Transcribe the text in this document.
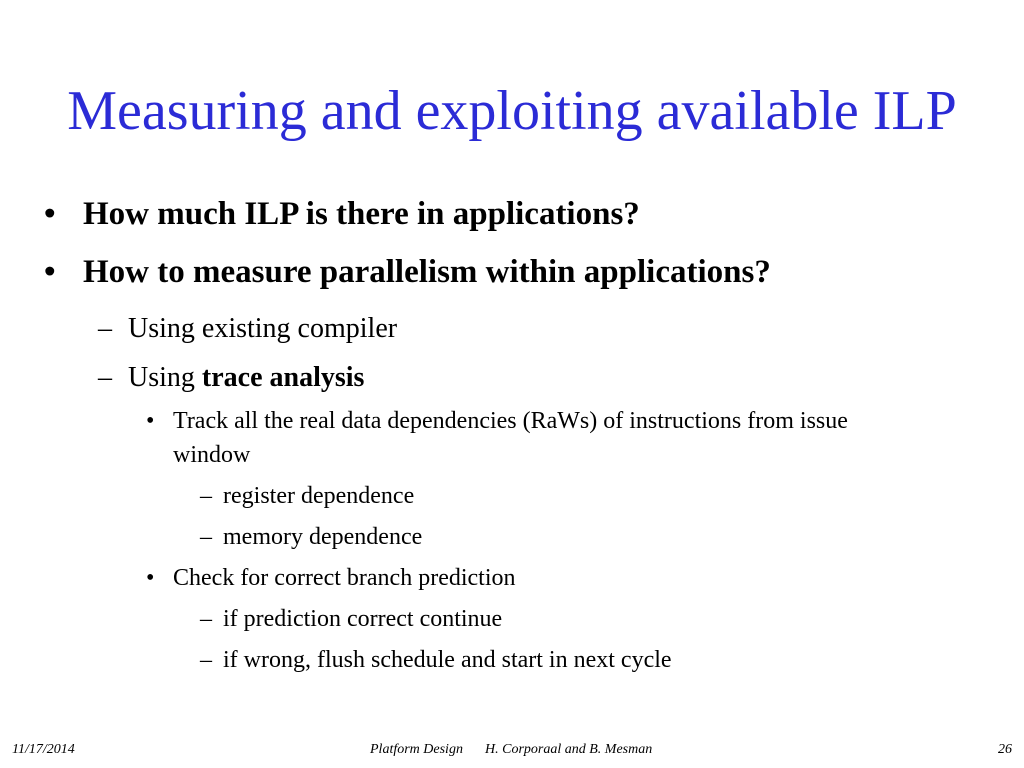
Measuring and exploiting available ILP
• How much ILP is there in applications?
• How to measure parallelism within applications?
– Using existing compiler
– Using trace analysis
• Track all the real data dependencies (RaWs) of instructions from issue
window
– register dependence
– memory dependence
• Check for correct branch prediction
– if prediction correct continue
– if wrong, flush schedule and start in next cycle
11/17/2014	Platform Design H. Corporaal and B. Mesman	26
